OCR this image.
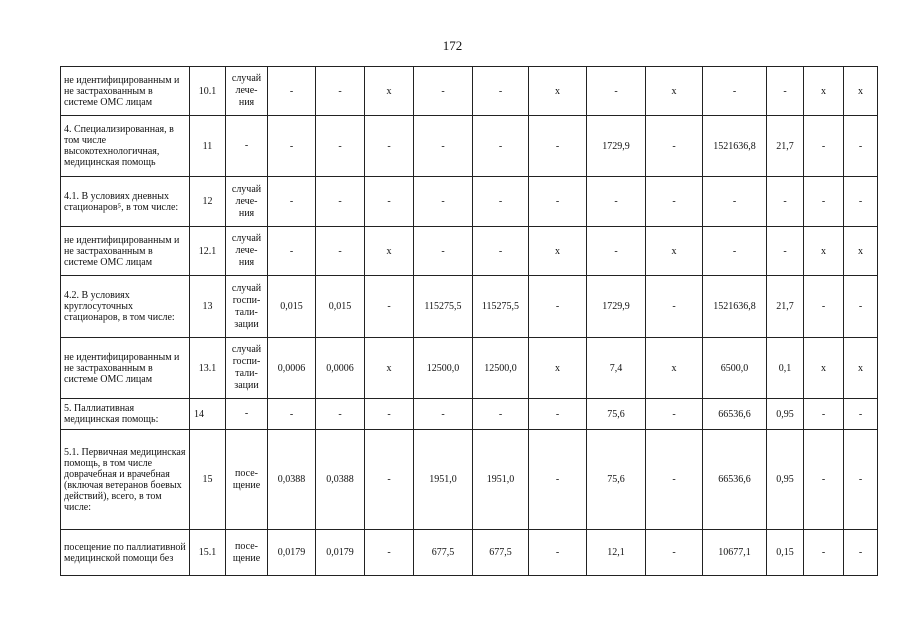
172
не идентифицированным и не застрахованным в системе ОМС лицам	10.1	случай лече-ния	-	-	х	-	-	х	-	х	-	-	х	х
4. Специализированная, в том числе высокотехнологичная, медицинская помощь	11	-	-	-	-	-	-	-	1729,9	-	1521636,8	21,7	-	-
4.1. В условиях дневных стационаров⁵, в том числе:	12	случай лече-ния	-	-	-	-	-	-	-	-	-	-	-	-
не идентифицированным и не застрахованным в системе ОМС лицам	12.1	случай лече-ния	-	-	х	-	-	х	-	х	-	-	х	х
4.2. В условиях круглосуточных стационаров, в том числе:	13	случай госпи-тали-зации	0,015	0,015	-	115275,5	115275,5	-	1729,9	-	1521636,8	21,7	-	-
не идентифицированным и не застрахованным в системе ОМС лицам	13.1	случай госпи-тали-зации	0,0006	0,0006	х	12500,0	12500,0	х	7,4	х	6500,0	0,1	х	х
5. Паллиативная медицинская помощь:	14	-	-	-	-	-	-	-	75,6	-	66536,6	0,95	-	-
5.1. Первичная медицинская помощь, в том числе доврачебная и врачебная (включая ветеранов боевых действий), всего, в том числе:	15	посе-щение	0,0388	0,0388	-	1951,0	1951,0	-	75,6	-	66536,6	0,95	-	-
посещение по паллиативной медицинской помощи без	15.1	посе-щение	0,0179	0,0179	-	677,5	677,5	-	12,1	-	10677,1	0,15	-	-
